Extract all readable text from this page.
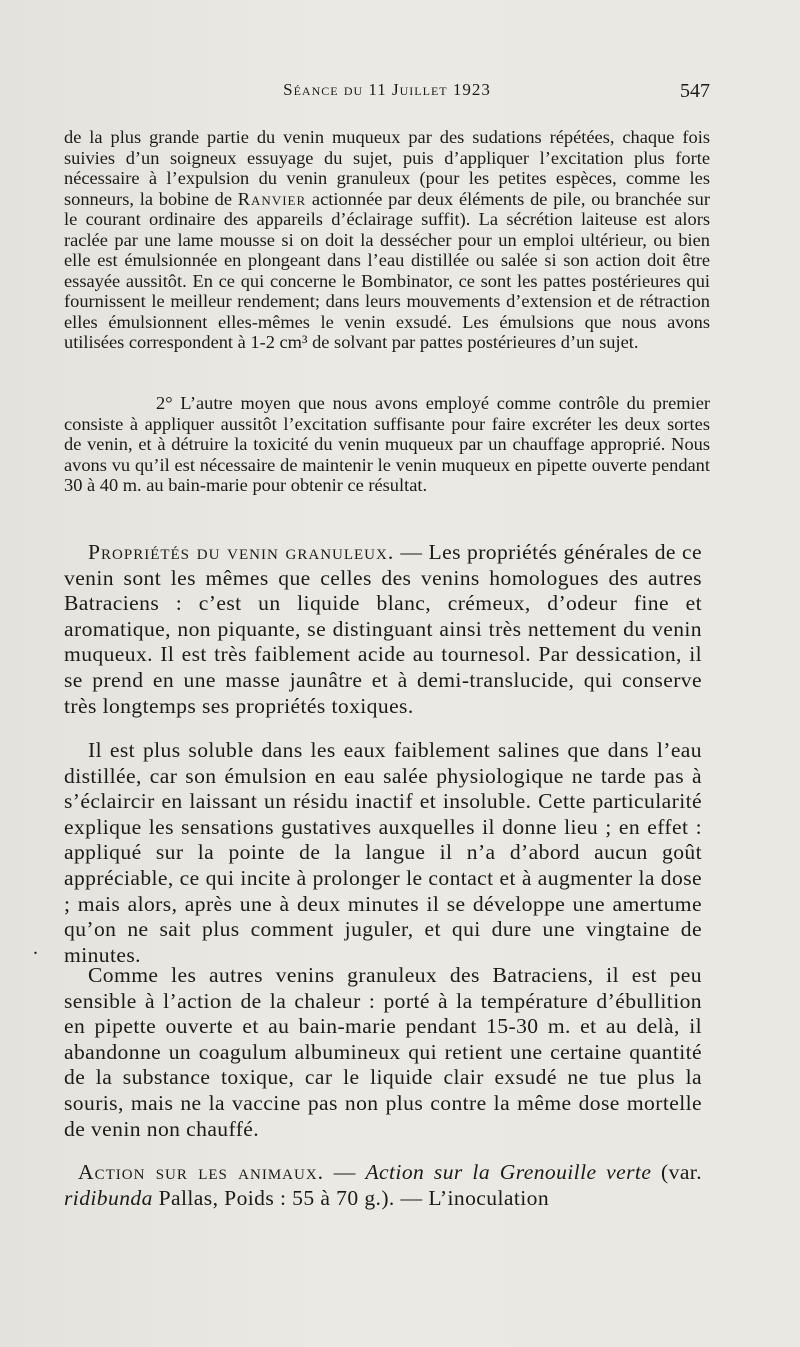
Séance du 11 Juillet 1923	547

de la plus grande partie du venin muqueux par des sudations répétées, chaque fois suivies d’un soigneux essuyage du sujet, puis d’appliquer l’excitation plus forte nécessaire à l’expulsion du venin granuleux (pour les petites espèces, comme les sonneurs, la bobine de Ranvier actionnée par deux éléments de pile, ou branchée sur le courant ordinaire des appareils d’éclairage suffit). La sécrétion laiteuse est alors raclée par une lame mousse si on doit la dessécher pour un emploi ultérieur, ou bien elle est émulsionnée en plongeant dans l’eau distillée ou salée si son action doit être essayée aussitôt. En ce qui concerne le Bombinator, ce sont les pattes postérieures qui fournissent le meilleur rendement; dans leurs mouvements d’extension et de rétraction elles émulsionnent elles-mêmes le venin exsudé. Les émulsions que nous avons utilisées correspondent à 1-2 cm³ de solvant par pattes postérieures d’un sujet.

2° L’autre moyen que nous avons employé comme contrôle du premier consiste à appliquer aussitôt l’excitation suffisante pour faire excréter les deux sortes de venin, et à détruire la toxicité du venin muqueux par un chauffage approprié. Nous avons vu qu’il est nécessaire de maintenir le venin muqueux en pipette ouverte pendant 30 à 40 m. au bain-marie pour obtenir ce résultat.

Propriétés du venin granuleux. — Les propriétés générales de ce venin sont les mêmes que celles des venins homologues des autres Batraciens : c’est un liquide blanc, crémeux, d’odeur fine et aromatique, non piquante, se distinguant ainsi très nettement du venin muqueux. Il est très faiblement acide au tournesol. Par dessication, il se prend en une masse jaunâtre et à demi-translucide, qui conserve très longtemps ses propriétés toxiques.

Il est plus soluble dans les eaux faiblement salines que dans l’eau distillée, car son émulsion en eau salée physiologique ne tarde pas à s’éclaircir en laissant un résidu inactif et insoluble. Cette particularité explique les sensations gustatives auxquelles il donne lieu ; en effet : appliqué sur la pointe de la langue il n’a d’abord aucun goût appréciable, ce qui incite à prolonger le contact et à augmenter la dose ; mais alors, après une à deux minutes il se développe une amertume qu’on ne sait plus comment juguler, et qui dure une vingtaine de minutes.

.

Comme les autres venins granuleux des Batraciens, il est peu sensible à l’action de la chaleur : porté à la température d’ébullition en pipette ouverte et au bain-marie pendant 15-30 m. et au delà, il abandonne un coagulum albumineux qui retient une certaine quantité de la substance toxique, car le liquide clair exsudé ne tue plus la souris, mais ne la vaccine pas non plus contre la même dose mortelle de venin non chauffé.

Action sur les animaux. — Action sur la Grenouille verte (var. ridibunda Pallas, Poids : 55 à 70 g.). — L’inoculation
